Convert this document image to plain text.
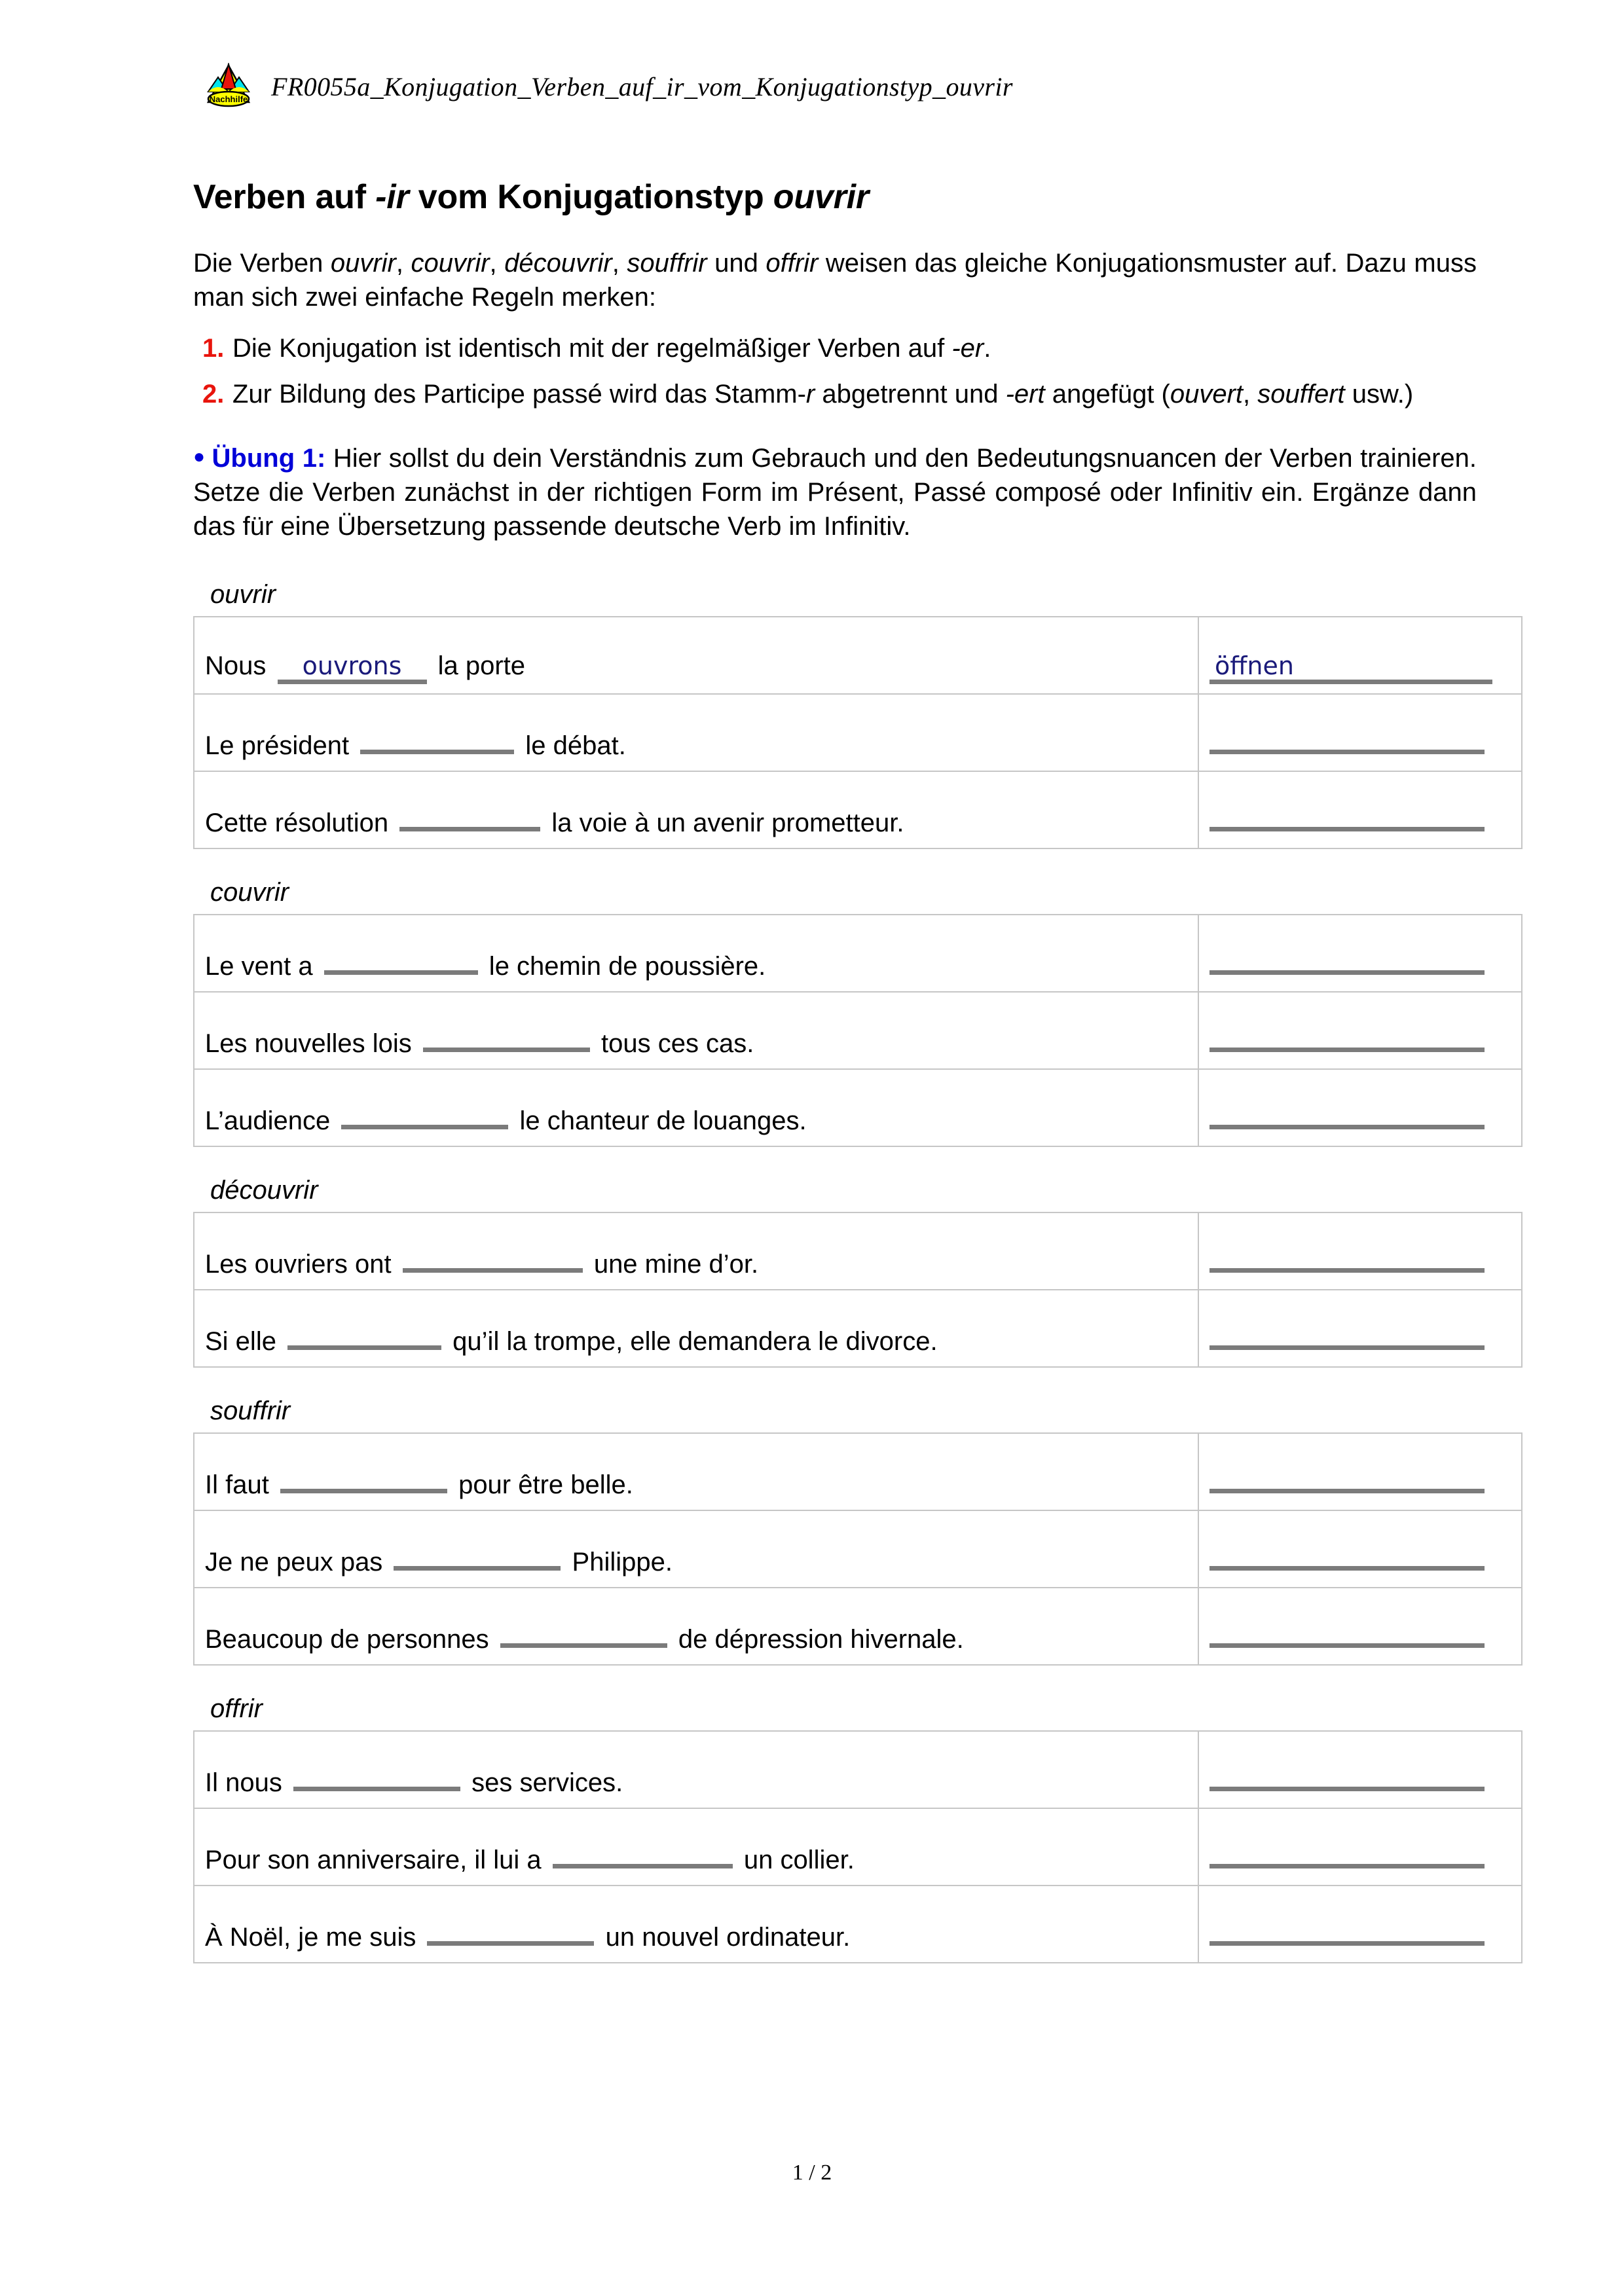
Nachhilfe FR0055a_Konjugation_Verben_auf_ir_vom_Konjugationstyp_ouvrir
Verben auf -ir vom Konjugationstyp ouvrir

Die Verben ouvrir, couvrir, découvrir, souffrir und offrir weisen das gleiche Konjugationsmuster auf. Dazu muss man sich zwei einfache Regeln merken:

1. Die Konjugation ist identisch mit der regelmäßiger Verben auf -er.
2. Zur Bildung des Participe passé wird das Stamm-r abgetrennt und -ert angefügt (ouvert, souffert usw.)

● Übung 1: Hier sollst du dein Verständnis zum Gebrauch und den Bedeutungsnuancen der Verben trainieren. Setze die Verben zunächst in der richtigen Form im Présent, Passé composé oder Infinitiv ein. Ergänze dann das für eine Übersetzung passende deutsche Verb im Infinitiv.

ouvrir
Nous ouvrons la porte	öffnen
Le président le débat.	
Cette résolution la voie à un avenir prometteur.	
couvrir
Le vent a le chemin de poussière.	
Les nouvelles lois tous ces cas.	
L’audience le chanteur de louanges.	
découvrir
Les ouvriers ont une mine d’or.	
Si elle qu’il la trompe, elle demandera le divorce.	
souffrir
Il faut pour être belle.	
Je ne peux pas Philippe.	
Beaucoup de personnes de dépression hivernale.	
offrir
Il nous ses services.	
Pour son anniversaire, il lui a un collier.	
À Noël, je me suis un nouvel ordinateur.	
1 / 2
